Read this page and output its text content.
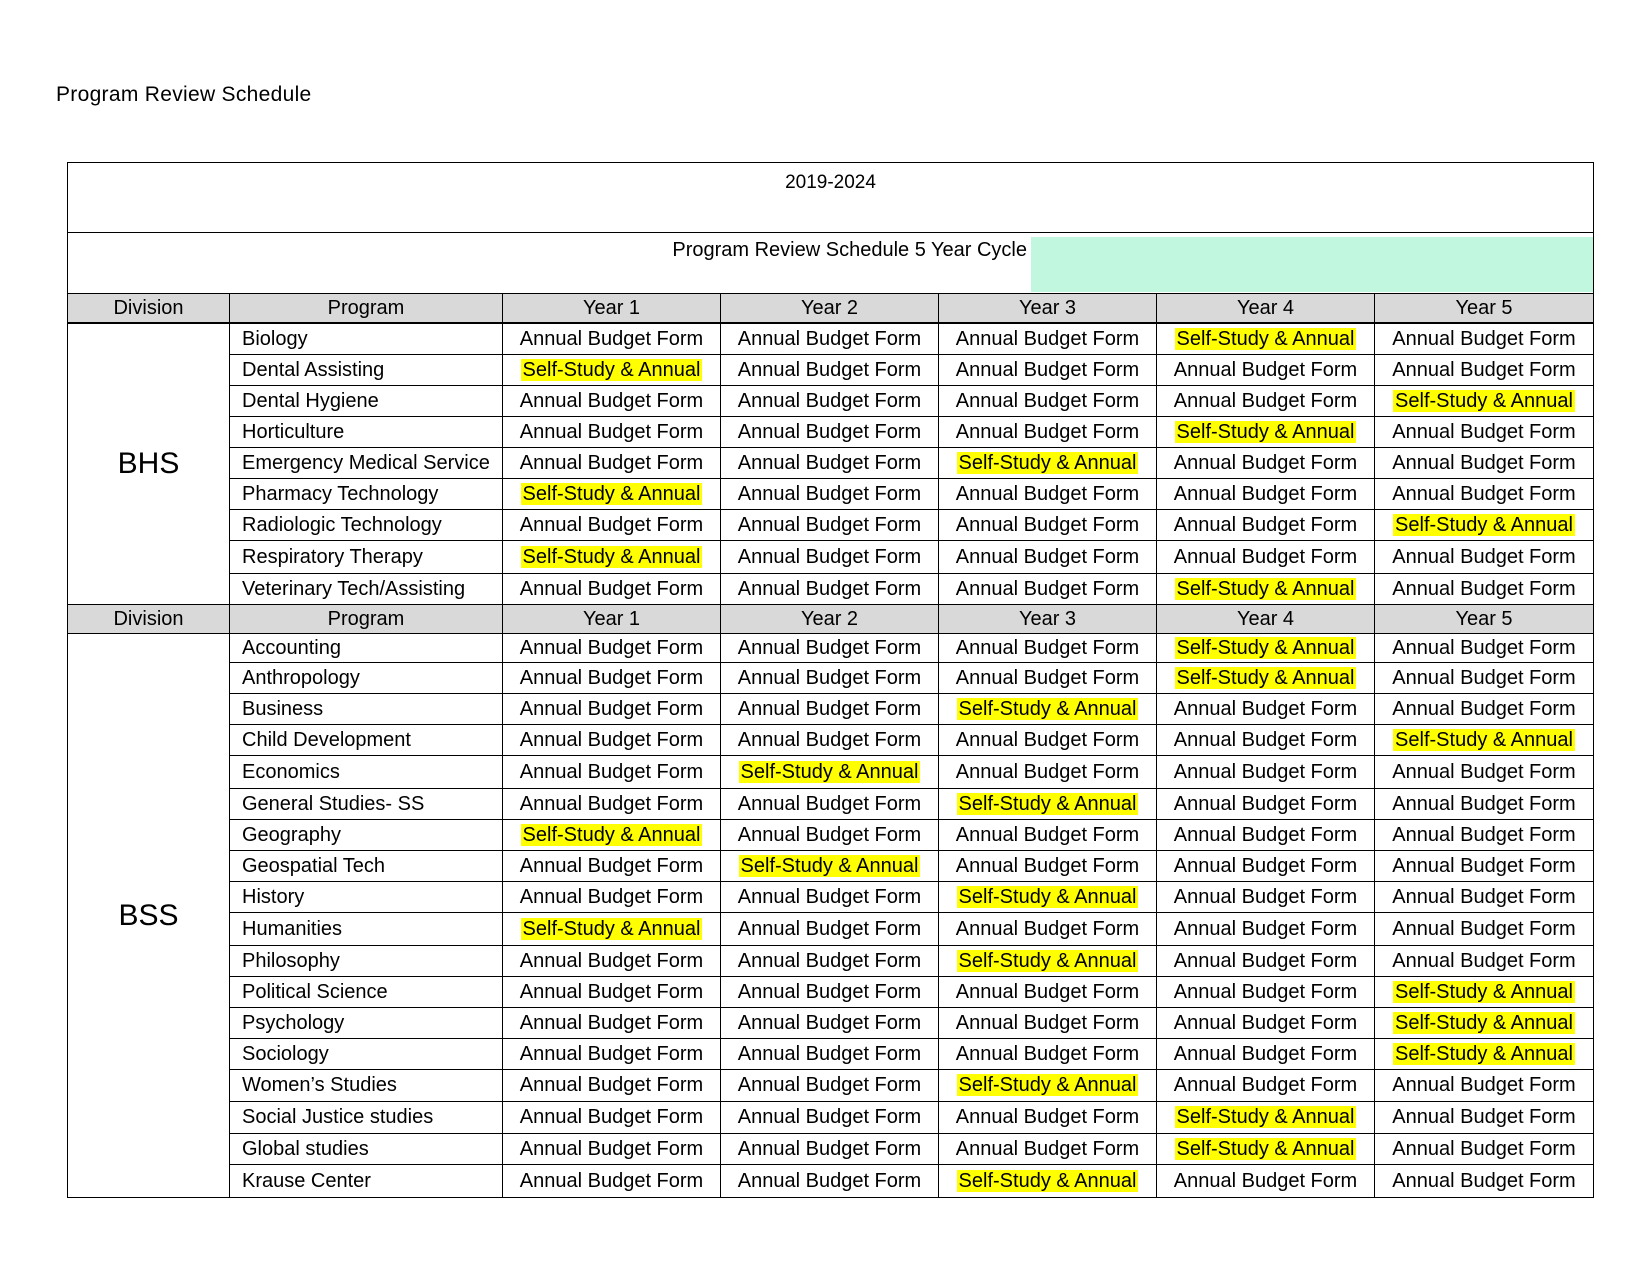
Program Review Schedule
2019-2024						

Program Review Schedule 5 Year Cycle						

Division	Program	Year 1	Year 2	Year 3	Year 4	Year 5
BHS	Biology	Annual Budget Form	Annual Budget Form	Annual Budget Form	Self-Study & Annual	Annual Budget Form
	Dental Assisting	Self-Study & Annual	Annual Budget Form	Annual Budget Form	Annual Budget Form	Annual Budget Form
	Dental Hygiene	Annual Budget Form	Annual Budget Form	Annual Budget Form	Annual Budget Form	Self-Study & Annual
	Horticulture	Annual Budget Form	Annual Budget Form	Annual Budget Form	Self-Study & Annual	Annual Budget Form
	Emergency Medical Service	Annual Budget Form	Annual Budget Form	Self-Study & Annual	Annual Budget Form	Annual Budget Form
	Pharmacy Technology	Self-Study & Annual	Annual Budget Form	Annual Budget Form	Annual Budget Form	Annual Budget Form
	Radiologic Technology	Annual Budget Form	Annual Budget Form	Annual Budget Form	Annual Budget Form	Self-Study & Annual
	Respiratory Therapy	Self-Study & Annual	Annual Budget Form	Annual Budget Form	Annual Budget Form	Annual Budget Form
	Veterinary Tech/Assisting	Annual Budget Form	Annual Budget Form	Annual Budget Form	Self-Study & Annual	Annual Budget Form
Division	Program	Year 1	Year 2	Year 3	Year 4	Year 5
BSS	Accounting	Annual Budget Form	Annual Budget Form	Annual Budget Form	Self-Study & Annual	Annual Budget Form
	Anthropology	Annual Budget Form	Annual Budget Form	Annual Budget Form	Self-Study & Annual	Annual Budget Form
	Business	Annual Budget Form	Annual Budget Form	Self-Study & Annual	Annual Budget Form	Annual Budget Form
	Child Development	Annual Budget Form	Annual Budget Form	Annual Budget Form	Annual Budget Form	Self-Study & Annual
	Economics	Annual Budget Form	Self-Study & Annual	Annual Budget Form	Annual Budget Form	Annual Budget Form
	General Studies- SS	Annual Budget Form	Annual Budget Form	Self-Study & Annual	Annual Budget Form	Annual Budget Form
	Geography	Self-Study & Annual	Annual Budget Form	Annual Budget Form	Annual Budget Form	Annual Budget Form
	Geospatial Tech	Annual Budget Form	Self-Study & Annual	Annual Budget Form	Annual Budget Form	Annual Budget Form
	History	Annual Budget Form	Annual Budget Form	Self-Study & Annual	Annual Budget Form	Annual Budget Form
	Humanities	Self-Study & Annual	Annual Budget Form	Annual Budget Form	Annual Budget Form	Annual Budget Form
	Philosophy	Annual Budget Form	Annual Budget Form	Self-Study & Annual	Annual Budget Form	Annual Budget Form
	Political Science	Annual Budget Form	Annual Budget Form	Annual Budget Form	Annual Budget Form	Self-Study & Annual
	Psychology	Annual Budget Form	Annual Budget Form	Annual Budget Form	Annual Budget Form	Self-Study & Annual
	Sociology	Annual Budget Form	Annual Budget Form	Annual Budget Form	Annual Budget Form	Self-Study & Annual
	Women’s Studies	Annual Budget Form	Annual Budget Form	Self-Study & Annual	Annual Budget Form	Annual Budget Form
	Social Justice studies	Annual Budget Form	Annual Budget Form	Annual Budget Form	Self-Study & Annual	Annual Budget Form
	Global studies	Annual Budget Form	Annual Budget Form	Annual Budget Form	Self-Study & Annual	Annual Budget Form
	Krause Center	Annual Budget Form	Annual Budget Form	Self-Study & Annual	Annual Budget Form	Annual Budget Form
